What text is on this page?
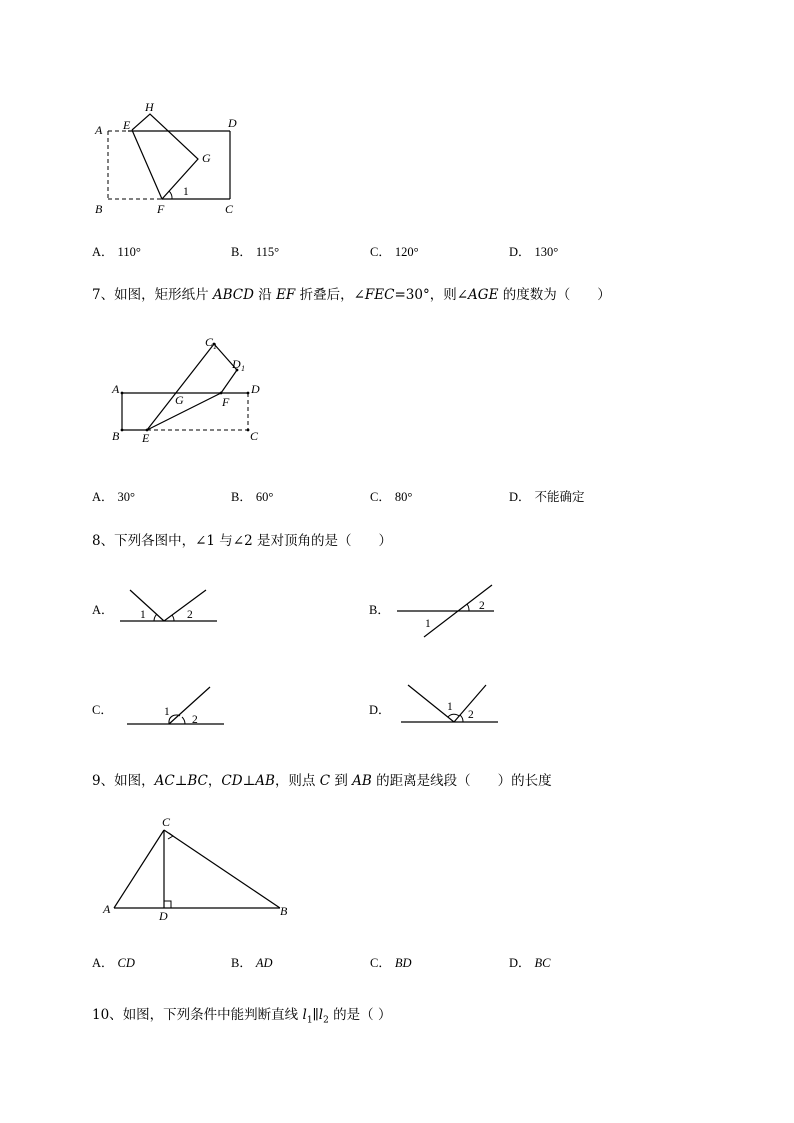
H
A E	D
G
B	F	C
1
A． 110°	B． 115°	C． 120°	D． 130°
7、如图，矩形纸片 ABCD 沿 EF 折叠后，∠FEC=30°，则∠AGE 的度数为（　　）
C 1
D 1
A
G	F
D
B E	C
A． 30°	B． 60°	C． 80°	D． 不能确定
8、下列各图中，∠1 与∠2 是对顶角的是（　　）
A． 1	2	B．
1
2
C．	1
2
D．	1
2
9、如图，AC⊥BC，CD⊥AB，则点 C 到 AB 的距离是线段（　　）的长度
C
A	D	B
A． CD	B． AD	C． BD	D． BC
10、如图，下列条件中能判断直线 $l_1\parallel l_2$ 的是（ ）
